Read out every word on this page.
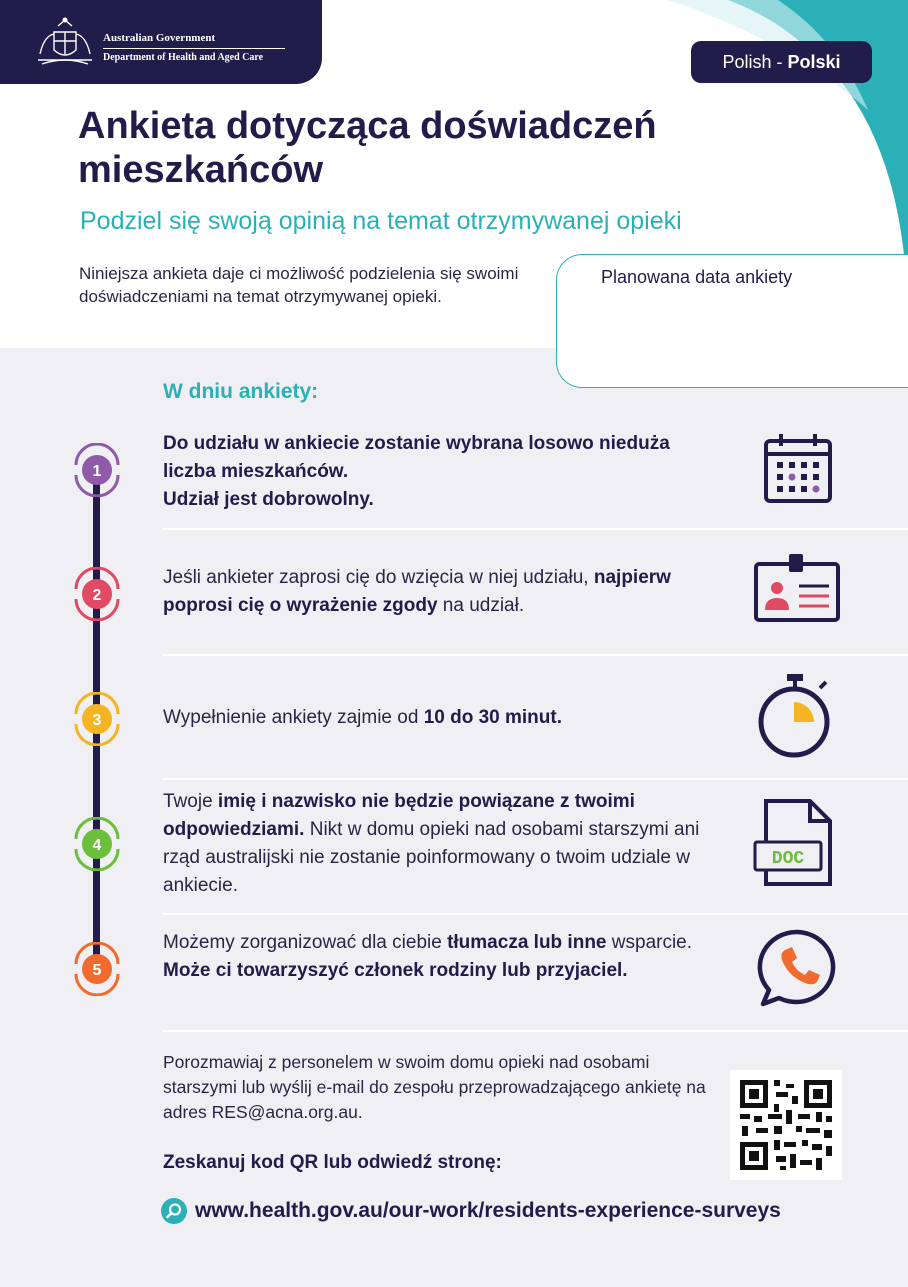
Australian Government
Department of Health and Aged Care	Polish - Polski
Ankieta dotycząca doświadczeń mieszkańców

Podziel się swoją opinią na temat otrzymywanej opieki

Niniejsza ankieta daje ci możliwość podzielenia się swoimi doświadczeniami na temat otrzymywanej opieki.

Planowana data ankiety
W dniu ankiety:
1

Do udziału w ankiecie zostanie wybrana losowo nieduża liczba mieszkańców.
Udział jest dobrowolny.

2

Jeśli ankieter zaprosi cię do wzięcia w niej udziału, najpierw poprosi cię o wyrażenie zgody na udział.

3	Wypełnienie ankiety zajmie od 10 do 30 minut.

4

Twoje imię i nazwisko nie będzie powiązane z twoimi odpowiedziami. Nikt w domu opieki nad osobami starszymi ani rząd australijski nie zostanie poinformowany o twoim udziale w ankiecie.

DOC
5

Możemy zorganizować dla ciebie tłumacza lub inne wsparcie. Może ci towarzyszyć członek rodziny lub przyjaciel.

Porozmawiaj z personelem w swoim domu opieki nad osobami starszymi lub wyślij e-mail do zespołu przeprowadzającego ankietę na adres RES@acna.org.au.

Zeskanuj kod QR lub odwiedź stronę:

www.health.gov.au/our-work/residents-experience-surveys
